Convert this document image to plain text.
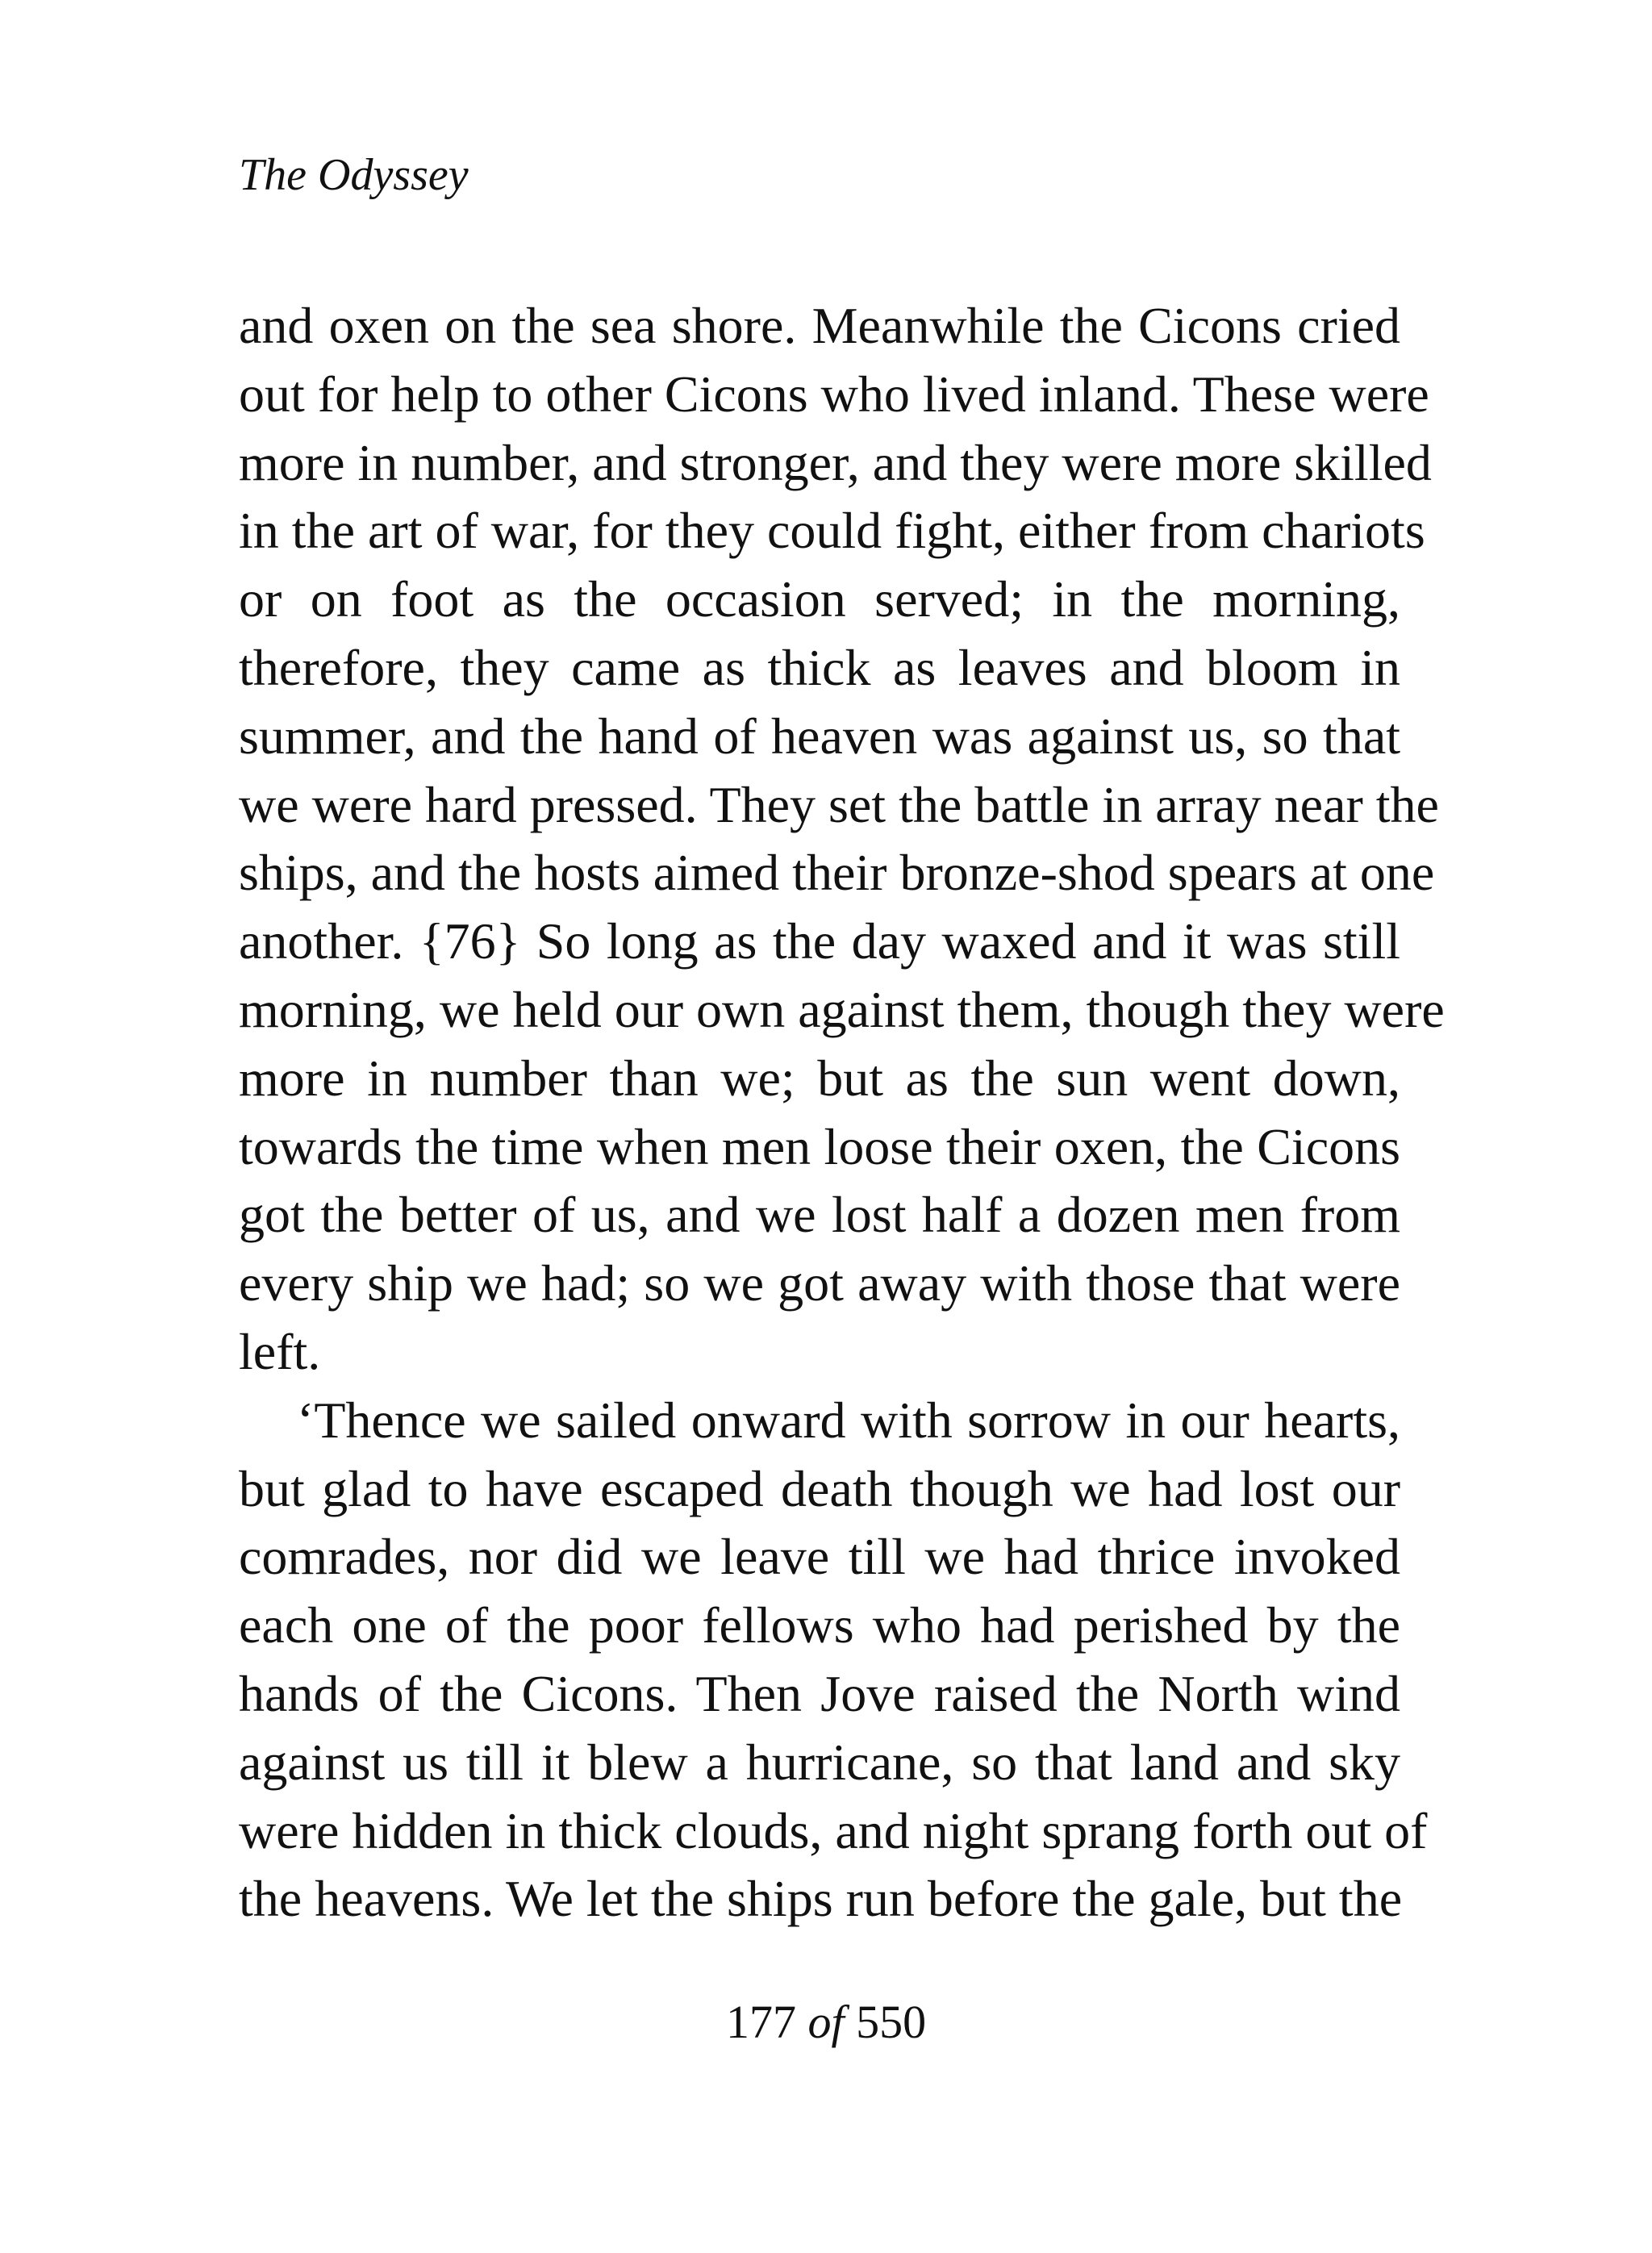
The Odyssey
and oxen on the sea shore. Meanwhile the Cicons cried
out for help to other Cicons who lived inland. These were
more in number, and stronger, and they were more skilled
in the art of war, for they could fight, either from chariots
or on foot as the occasion served; in the morning,
therefore, they came as thick as leaves and bloom in
summer, and the hand of heaven was against us, so that
we were hard pressed. They set the battle in array near the
ships, and the hosts aimed their bronze-shod spears at one
another. {76} So long as the day waxed and it was still
morning, we held our own against them, though they were
more in number than we; but as the sun went down,
towards the time when men loose their oxen, the Cicons
got the better of us, and we lost half a dozen men from
every ship we had; so we got away with those that were
left.
‘Thence we sailed onward with sorrow in our hearts,
but glad to have escaped death though we had lost our
comrades, nor did we leave till we had thrice invoked
each one of the poor fellows who had perished by the
hands of the Cicons. Then Jove raised the North wind
against us till it blew a hurricane, so that land and sky
were hidden in thick clouds, and night sprang forth out of
the heavens. We let the ships run before the gale, but the
177 of 550
